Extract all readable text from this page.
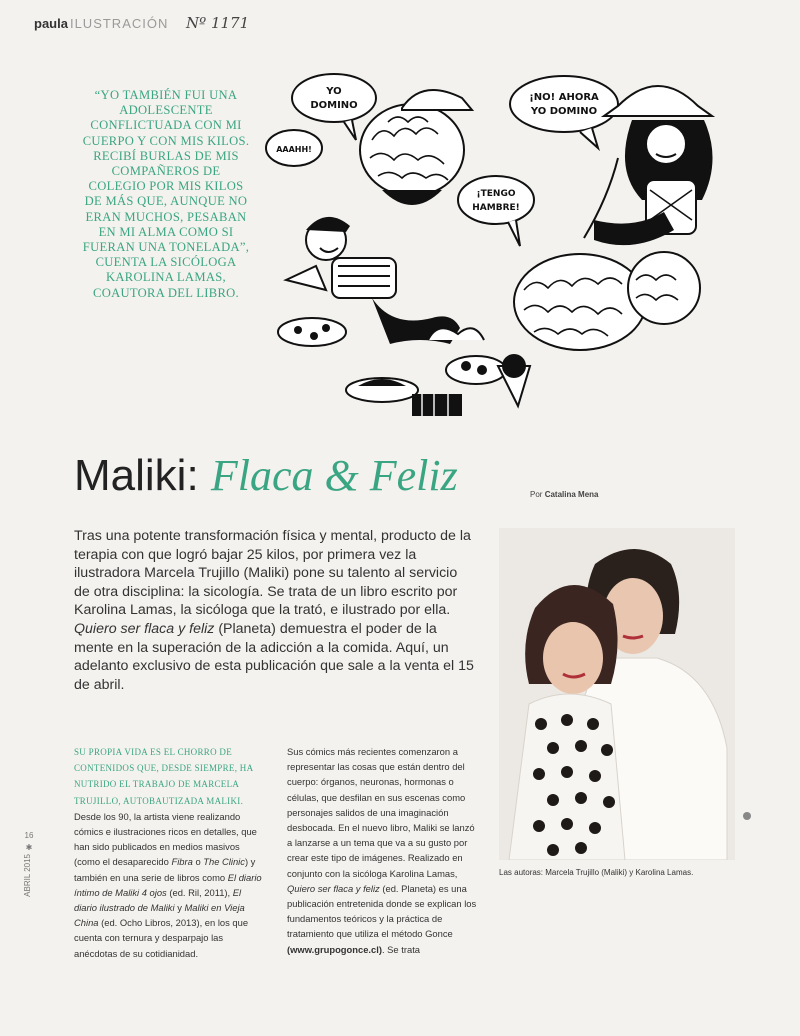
paula ILUSTRACIÓN Nº 1171
“YO TAMBIÉN FUI UNA ADOLESCENTE CONFLICTUADA CON MI CUERPO Y CON MIS KILOS. RECIBÍ BURLAS DE MIS COMPAÑEROS DE COLEGIO POR MIS KILOS DE MÁS QUE, AUNQUE NO ERAN MUCHOS, PESABAN EN MI ALMA COMO SI FUERAN UNA TONELADA”, CUENTA LA SICÓLOGA KAROLINA LAMAS, COAUTORA DEL LIBRO.
YO
DOMINO
AAAHH!
¡NO! AHORA
YO DOMINO
¡TENGO
HAMBRE!
Maliki: Flaca & Feliz	Por Catalina Mena
Tras una potente transformación física y mental, producto de la terapia con que logró bajar 25 kilos, por primera vez la ilustradora Marcela Trujillo (Maliki) pone su talento al servicio de otra disciplina: la sicología. Se trata de un libro escrito por Karolina Lamas, la sicóloga que la trató, e ilustrado por ella. Quiero ser flaca y feliz (Planeta) demuestra el poder de la mente en la superación de la adicción a la comida. Aquí, un adelanto exclusivo de esta publicación que sale a la venta el 15 de abril.
SU PROPIA VIDA ES EL CHORRO DE CONTENIDOS QUE, DESDE SIEMPRE, HA NUTRIDO EL TRABAJO DE MARCELA TRUJILLO, AUTOBAUTIZADA MALIKI. Desde los 90, la artista viene realizando cómics e ilustraciones ricos en detalles, que han sido publicados en medios masivos (como el desaparecido Fibra o The Clinic) y también en una serie de libros como El diario íntimo de Maliki 4 ojos (ed. Ril, 2011), El diario ilustrado de Maliki y Maliki en Vieja China (ed. Ocho Libros, 2013), en los que cuenta con ternura y desparpajo las anécdotas de su cotidianidad.
Sus cómics más recientes comenzaron a representar las cosas que están dentro del cuerpo: órganos, neuronas, hormonas o células, que desfilan en sus escenas como personajes salidos de una imaginación desbocada. En el nuevo libro, Maliki se lanzó a lanzarse a un tema que va a su gusto por crear este tipo de imágenes. Realizado en conjunto con la sicóloga Karolina Lamas, Quiero ser flaca y feliz (ed. Planeta) es una publicación entretenida donde se explican los fundamentos teóricos y la práctica de tratamiento que utiliza el método Gonce (www.grupogonce.cl). Se trata
Las autoras: Marcela Trujillo (Maliki) y Karolina Lamas.
16
✱
ABRIL 2015
